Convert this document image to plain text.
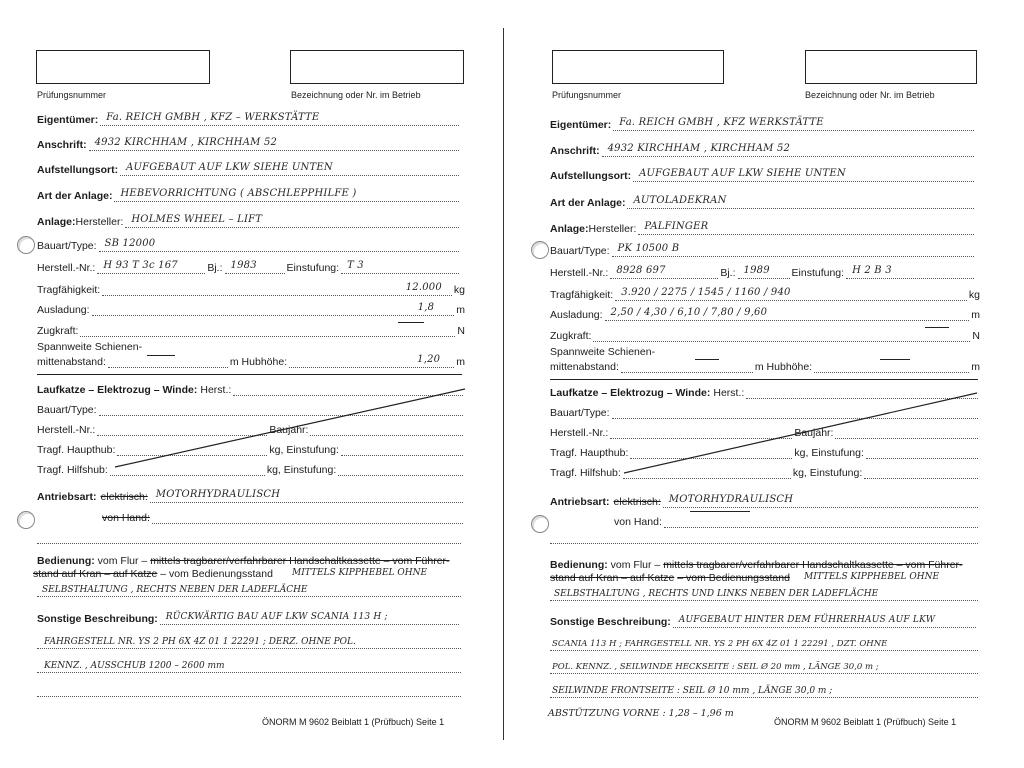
Prüfungsnummer	Bezeichnung oder Nr. im Betrieb
Eigentümer: Fa. REICH GMBH , KFZ – WERKSTÄTTE
Anschrift: 4932 KIRCHHAM , KIRCHHAM 52
Aufstellungsort: AUFGEBAUT AUF LKW SIEHE UNTEN
Art der Anlage: HEBEVORRICHTUNG ( ABSCHLEPPHILFE )
Anlage: Hersteller: HOLMES WHEEL – LIFT
Bauart/Type: SB 12000
Herstell.-Nr.: H 93 T 3c 167	Bj.: 1983	Einstufung: T 3
Tragfähigkeit:	12.000 kg
Ausladung:	1,8 m
Zugkraft:	N
Spannweite Schienen-
mittenabstand:	m Hubhöhe:	1,20 m
Laufkatze – Elektrozug – Winde: Herst.:
Bauart/Type:
Herstell.-Nr.:	Baujahr:
Tragf. Haupthub:	kg, Einstufung:
Tragf. Hilfshub:	kg, Einstufung:
Antriebsart: elektrisch: MOTORHYDRAULISCH
von Hand:
Bedienung: vom Flur – mittels tragbarer/verfahrbarer Handschaltkassette – vom Führer-
stand auf Kran – auf Katze – vom Bedienungsstand MITTELS KIPPHEBEL OHNE
SELBSTHALTUNG , RECHTS NEBEN DER LADEFLÄCHE
Sonstige Beschreibung: RÜCKWÄRTIG BAU AUF LKW SCANIA 113 H ;
FAHRGESTELL NR. YS 2 PH 6X 4Z 01 1 22291 ; DERZ. OHNE POL.
KENNZ. , AUSSCHUB 1200 – 2600 mm
ÖNORM M 9602 Beiblatt 1 (Prüfbuch) Seite 1
Prüfungsnummer	Bezeichnung oder Nr. im Betrieb
Eigentümer: Fa. REICH GMBH , KFZ WERKSTÄTTE
Anschrift: 4932 KIRCHHAM , KIRCHHAM 52
Aufstellungsort: AUFGEBAUT AUF LKW SIEHE UNTEN
Art der Anlage: AUTOLADEKRAN
Anlage: Hersteller: PALFINGER
Bauart/Type: PK 10500 B
Herstell.-Nr.: 8928 697	Bj.: 1989 Einstufung: H 2 B 3
Tragfähigkeit: 3.920 / 2275 / 1545 / 1160 / 940	kg
Ausladung: 2,50 / 4,30 / 6,10 / 7,80 / 9,60	m
Zugkraft:	N
Spannweite Schienen-
mittenabstand:	m Hubhöhe:	m
Laufkatze – Elektrozug – Winde: Herst.:
Bauart/Type:
Herstell.-Nr.:	Baujahr:
Tragf. Haupthub:	kg, Einstufung:
Tragf. Hilfshub:	kg, Einstufung:
Antriebsart: elektrisch: MOTORHYDRAULISCH
von Hand:
Bedienung: vom Flur – mittels tragbarer/verfahrbarer Handschaltkassette – vom Führer-
stand auf Kran – auf Katze – vom Bedienungsstand MITTELS KIPPHEBEL OHNE
SELBSTHALTUNG , RECHTS UND LINKS NEBEN DER LADEFLÄCHE
Sonstige Beschreibung: AUFGEBAUT HINTER DEM FÜHRERHAUS AUF LKW
SCANIA 113 H ; FAHRGESTELL NR. YS 2 PH 6X 4Z 01 1 22291 , DZT. OHNE
POL. KENNZ. , SEILWINDE HECKSEITE : SEIL Ø 20 mm , LÄNGE 30,0 m ;
SEILWINDE FRONTSEITE : SEIL Ø 10 mm , LÄNGE 30,0 m ;
ABSTÜTZUNG VORNE : 1,28 – 1,96 m
ÖNORM M 9602 Beiblatt 1 (Prüfbuch) Seite 1
